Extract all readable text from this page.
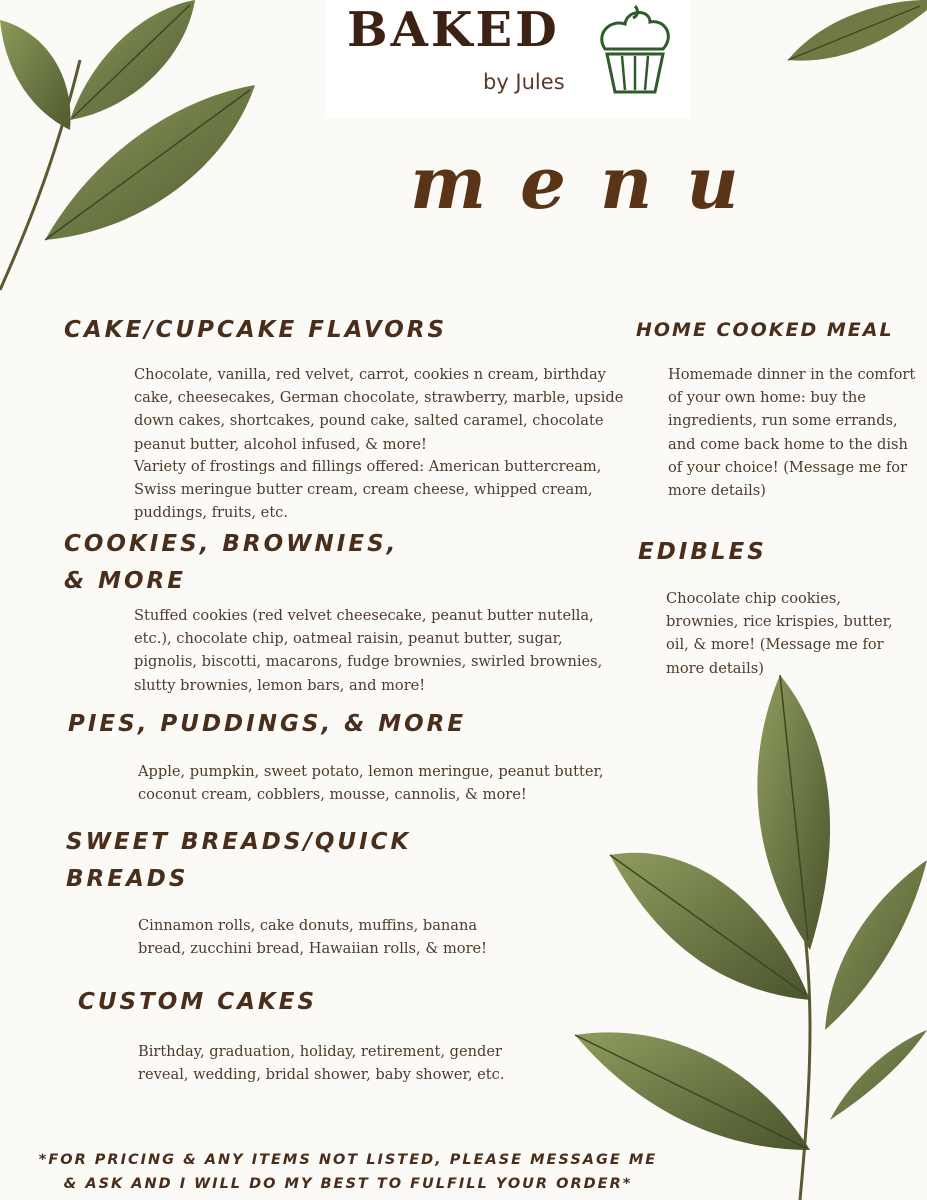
BAKED
by Jules
menu
CAKE/CUPCAKE FLAVORS
Chocolate, vanilla, red velvet, carrot, cookies n cream, birthday cake, cheesecakes, German chocolate, strawberry, marble, upside down cakes, shortcakes, pound cake, salted caramel, chocolate peanut butter, alcohol infused, & more!
Variety of frostings and fillings offered: American buttercream, Swiss meringue butter cream, cream cheese, whipped cream, puddings, fruits, etc.
COOKIES, BROWNIES, & MORE
Stuffed cookies (red velvet cheesecake, peanut butter nutella, etc.), chocolate chip, oatmeal raisin, peanut butter, sugar, pignolis, biscotti, macarons, fudge brownies, swirled brownies, slutty brownies, lemon bars, and more!
PIES, PUDDINGS, & MORE
Apple, pumpkin, sweet potato, lemon meringue, peanut butter, coconut cream, cobblers, mousse, cannolis, & more!
SWEET BREADS/QUICK BREADS
Cinnamon rolls, cake donuts, muffins, banana bread, zucchini bread, Hawaiian rolls, & more!
CUSTOM CAKES
Birthday, graduation, holiday, retirement, gender reveal, wedding, bridal shower, baby shower, etc.
HOME COOKED MEAL
Homemade dinner in the comfort of your own home: buy the ingredients, run some errands, and come back home to the dish of your choice! (Message me for more details)
EDIBLES
Chocolate chip cookies, brownies, rice krispies, butter, oil, & more! (Message me for more details)
*FOR PRICING & ANY ITEMS NOT LISTED, PLEASE MESSAGE ME & ASK AND I WILL DO MY BEST TO FULFILL YOUR ORDER*
